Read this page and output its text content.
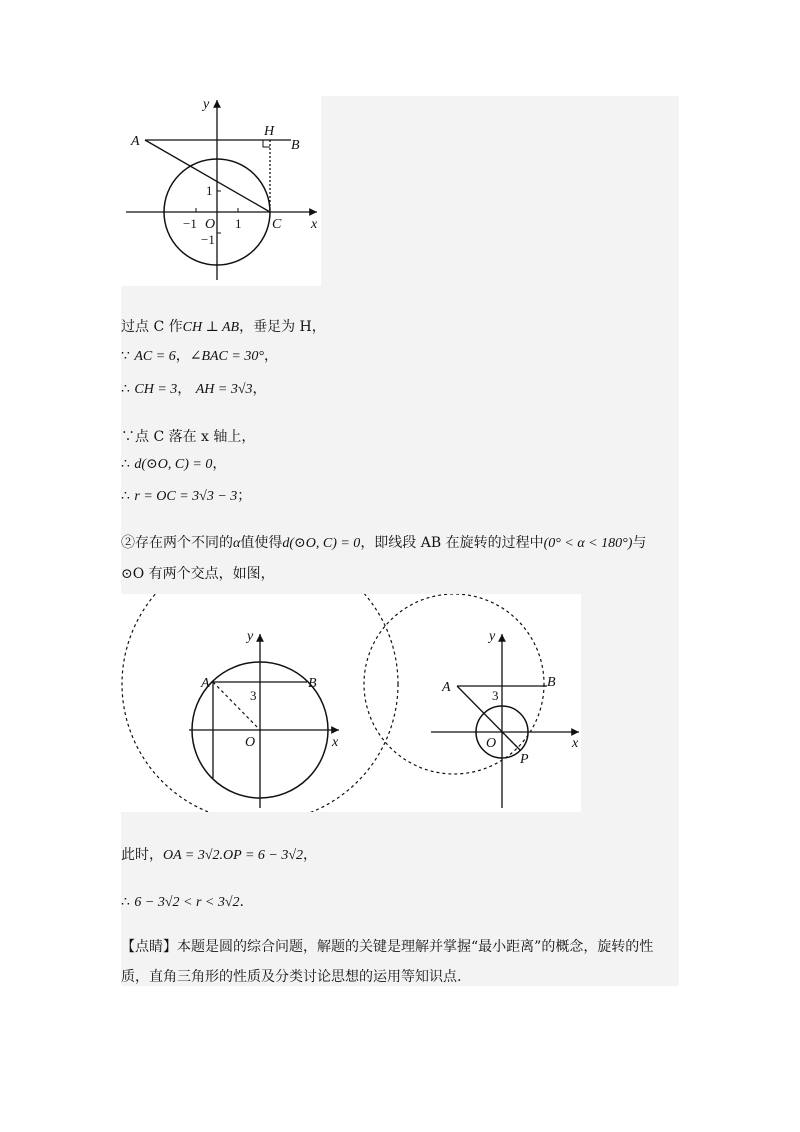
A	B
H
C
O	x
y
−1	1
1
−1
过点 C 作CH ⊥ AB，垂足为 H，
∵ AC = 6，∠BAC = 30°，
∴ CH = 3， AH = 3√3，
∵点 C 落在 x 轴上，
∴ d(⊙O, C) = 0，
∴ r = OC = 3√3 − 3；
②存在两个不同的α值使得d(⊙O, C) = 0，即线段 AB 在旋转的过程中(0° < α < 180°)与
⊙O 有两个交点，如图，
A	B
3
O	x
y
A	B
3
O
P
x
y
此时，OA = 3√2.OP = 6 − 3√2，
∴ 6 − 3√2 < r < 3√2.
【点睛】本题是圆的综合问题，解题的关键是理解并掌握“最小距离”的概念，旋转的性质，直角三角形的性质及分类讨论思想的运用等知识点.
